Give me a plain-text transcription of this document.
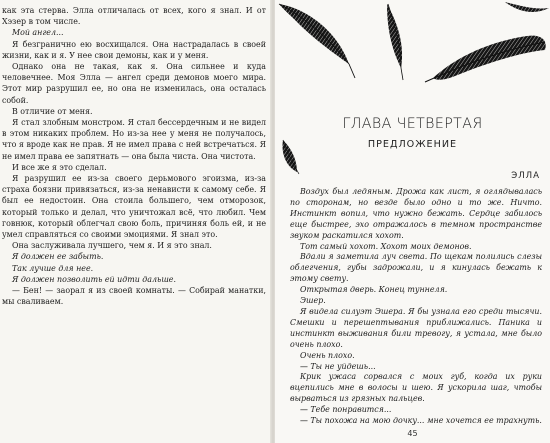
как эта стерва. Элла отличалась от всех, кого я знал. И от Хэзер в том числе.

Мой ангел...

Я безгранично ею восхищался. Она настрадалась в своей жизни, как и я. У нее свои демоны, как и у меня.

Однако она не такая, как я. Она сильнее и куда человечнее. Моя Элла — ангел среди демонов моего мира. Этот мир разрушил ее, но она не изменилась, она осталась собой.

В отличие от меня.

Я стал злобным монстром. Я стал бессердечным и не видел в этом никаких проблем. Но из-за нее у меня не получалось, что я вроде как не прав. Я не имел права с ней встречаться. Я не имел права ее запятнать — она была чиста. Она чистота.

И все же я это сделал.

Я разрушил ее из-за своего дерьмового эгоизма, из-за страха боязни привязаться, из-за ненависти к самому себе. Я был ее недостоин. Она стоила большего, чем отморозок, который только и делал, что уничтожал всё, что любил. Чем говнюк, который облегчал свою боль, причиняя боль ей, и не умел справляться со своими эмоциями. Я знал это.

Она заслуживала лучшего, чем я. И я это знал.

Я должен ее забыть.

Так лучше для нее.

Я должен позволить ей идти дальше.

— Бен! — заорал я из своей комнаты. — Собирай манатки, мы сваливаем.

ГЛАВА ЧЕТВЕРТАЯ
ПРЕДЛОЖЕНИЕ
ЭЛЛА

Воздух был ледяным. Дрожа как лист, я оглядывалась по сторонам, но везде было одно и то же. Ничто. Инстинкт вопил, что нужно бежать. Сердце забилось еще быстрее, эхо отражалось в темном пространстве звуком раскатился хохот.

Тот самый хохот. Хохот моих демонов.

Вдали я заметила луч света. По щекам полились слезы облегчения, губы задрожали, и я кинулась бежать к этому свету.

Открытая дверь. Конец туннеля.

Эшер.

Я видела силуэт Эшера. Я бы узнала его среди тысячи. Смешки и перешептывания приближались. Паника и инстинкт выживания били тревогу, я устала, мне было очень плохо.

Очень плохо.

— Ты не уйдешь...

Крик ужаса сорвался с моих губ, когда их руки вцепились мне в волосы и шею. Я ускорила шаг, чтобы вырваться из грязных пальцев.

— Тебе понравится...

— Ты похожа на мою дочку... мне хочется ее трахнуть.

45
